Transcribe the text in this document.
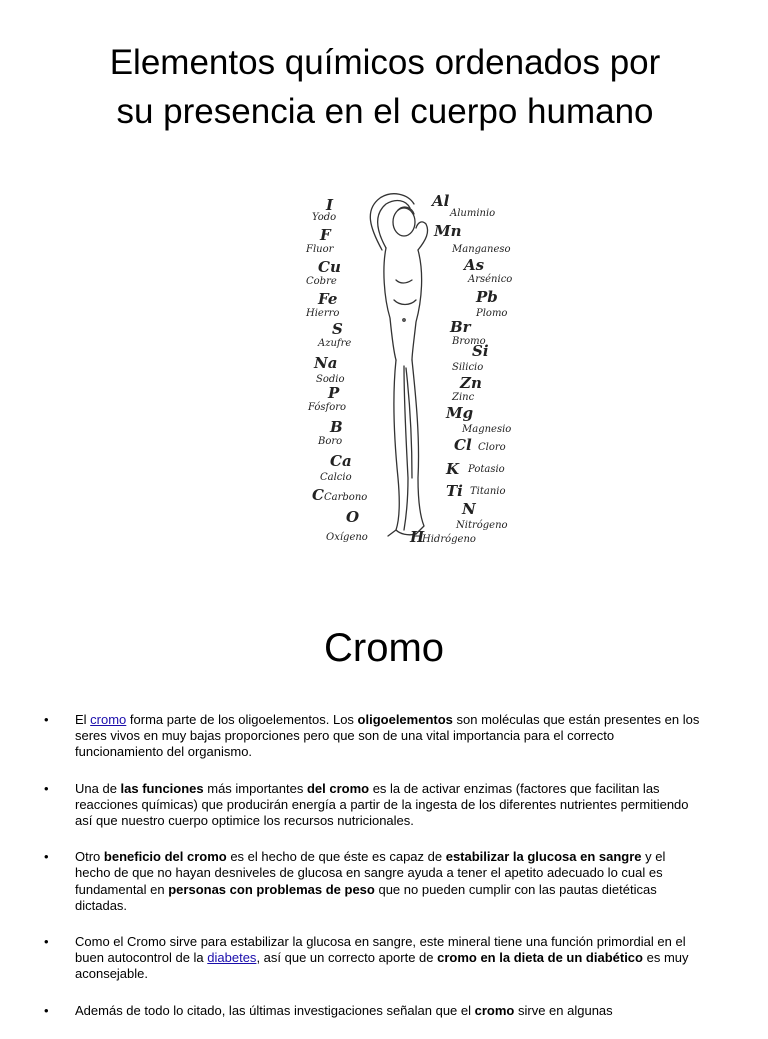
Elementos químicos ordenados por
su presencia en el cuerpo humano
I
Yodo
F
Fluor
Cu
Cobre
Fe
Hierro
S
Azufre
Na
Sodio
P
Fósforo
B
Boro
Ca
Calcio
C Carbono
O
Oxígeno
Al
Aluminio
Mn
Manganeso
As
Arsénico
Pb
Plomo
Br
Bromo
Si
Silicio
Zn
Zinc
Mg
Magnesio
Cl Cloro
K Potasio
Ti Titanio
N
Nitrógeno
H
Hidrógeno
Cromo
• El cromo forma parte de los oligoelementos. Los oligoelementos son moléculas que están presentes en los seres vivos en muy bajas proporciones pero que son de una vital importancia para el correcto funcionamiento del organismo.
• Una de las funciones más importantes del cromo es la de activar enzimas (factores que facilitan las reacciones químicas) que producirán energía a partir de la ingesta de los diferentes nutrientes permitiendo así que nuestro cuerpo optimice los recursos nutricionales.
• Otro beneficio del cromo es el hecho de que éste es capaz de estabilizar la glucosa en sangre y el hecho de que no hayan desniveles de glucosa en sangre ayuda a tener el apetito adecuado lo cual es fundamental en personas con problemas de peso que no pueden cumplir con las pautas dietéticas dictadas.
• Como el Cromo sirve para estabilizar la glucosa en sangre, este mineral tiene una función primordial en el buen autocontrol de la diabetes, así que un correcto aporte de cromo en la dieta de un diabético es muy aconsejable.
• Además de todo lo citado, las últimas investigaciones señalan que el cromo sirve en algunas
